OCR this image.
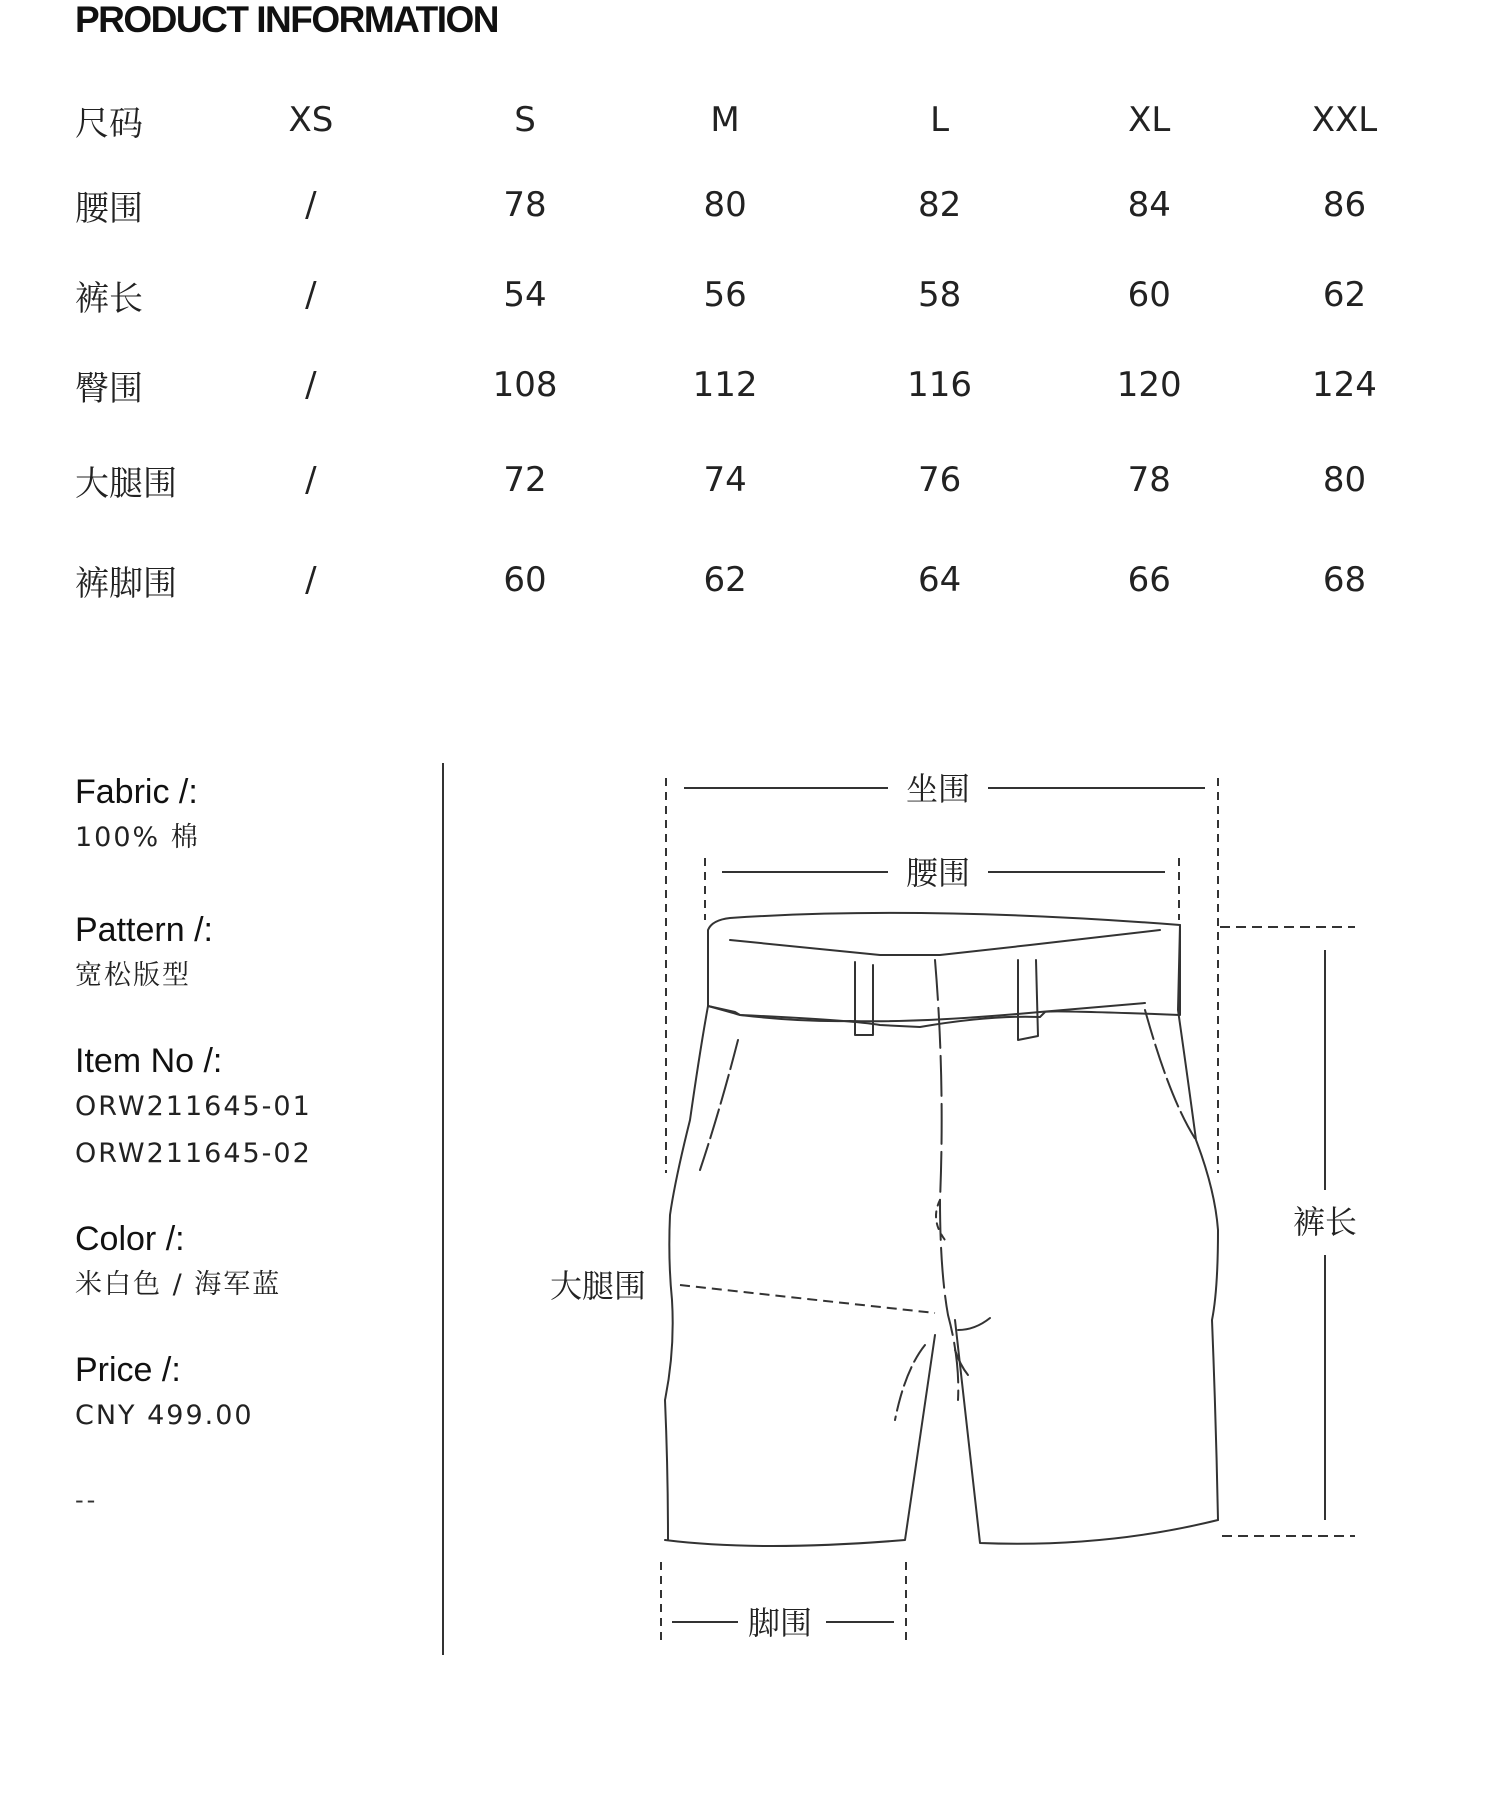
PRODUCT INFORMATION
尺码	XS	S	M	L	XL	XXL
腰围	/	78	80	82	84	86
裤长	/	54	56	58	60	62
臀围	/	108	112	116	120	124
大腿围	/	72	74	76	78	80
裤脚围	/	60	62	64	66	68
Fabric /:
100% 棉
Pattern /:
宽松版型
Item No /:
ORW211645-01
ORW211645-02
Color /:
米白色 / 海军蓝
Price /:
CNY 499.00
--
坐围
腰围
裤长
大腿围
脚围
